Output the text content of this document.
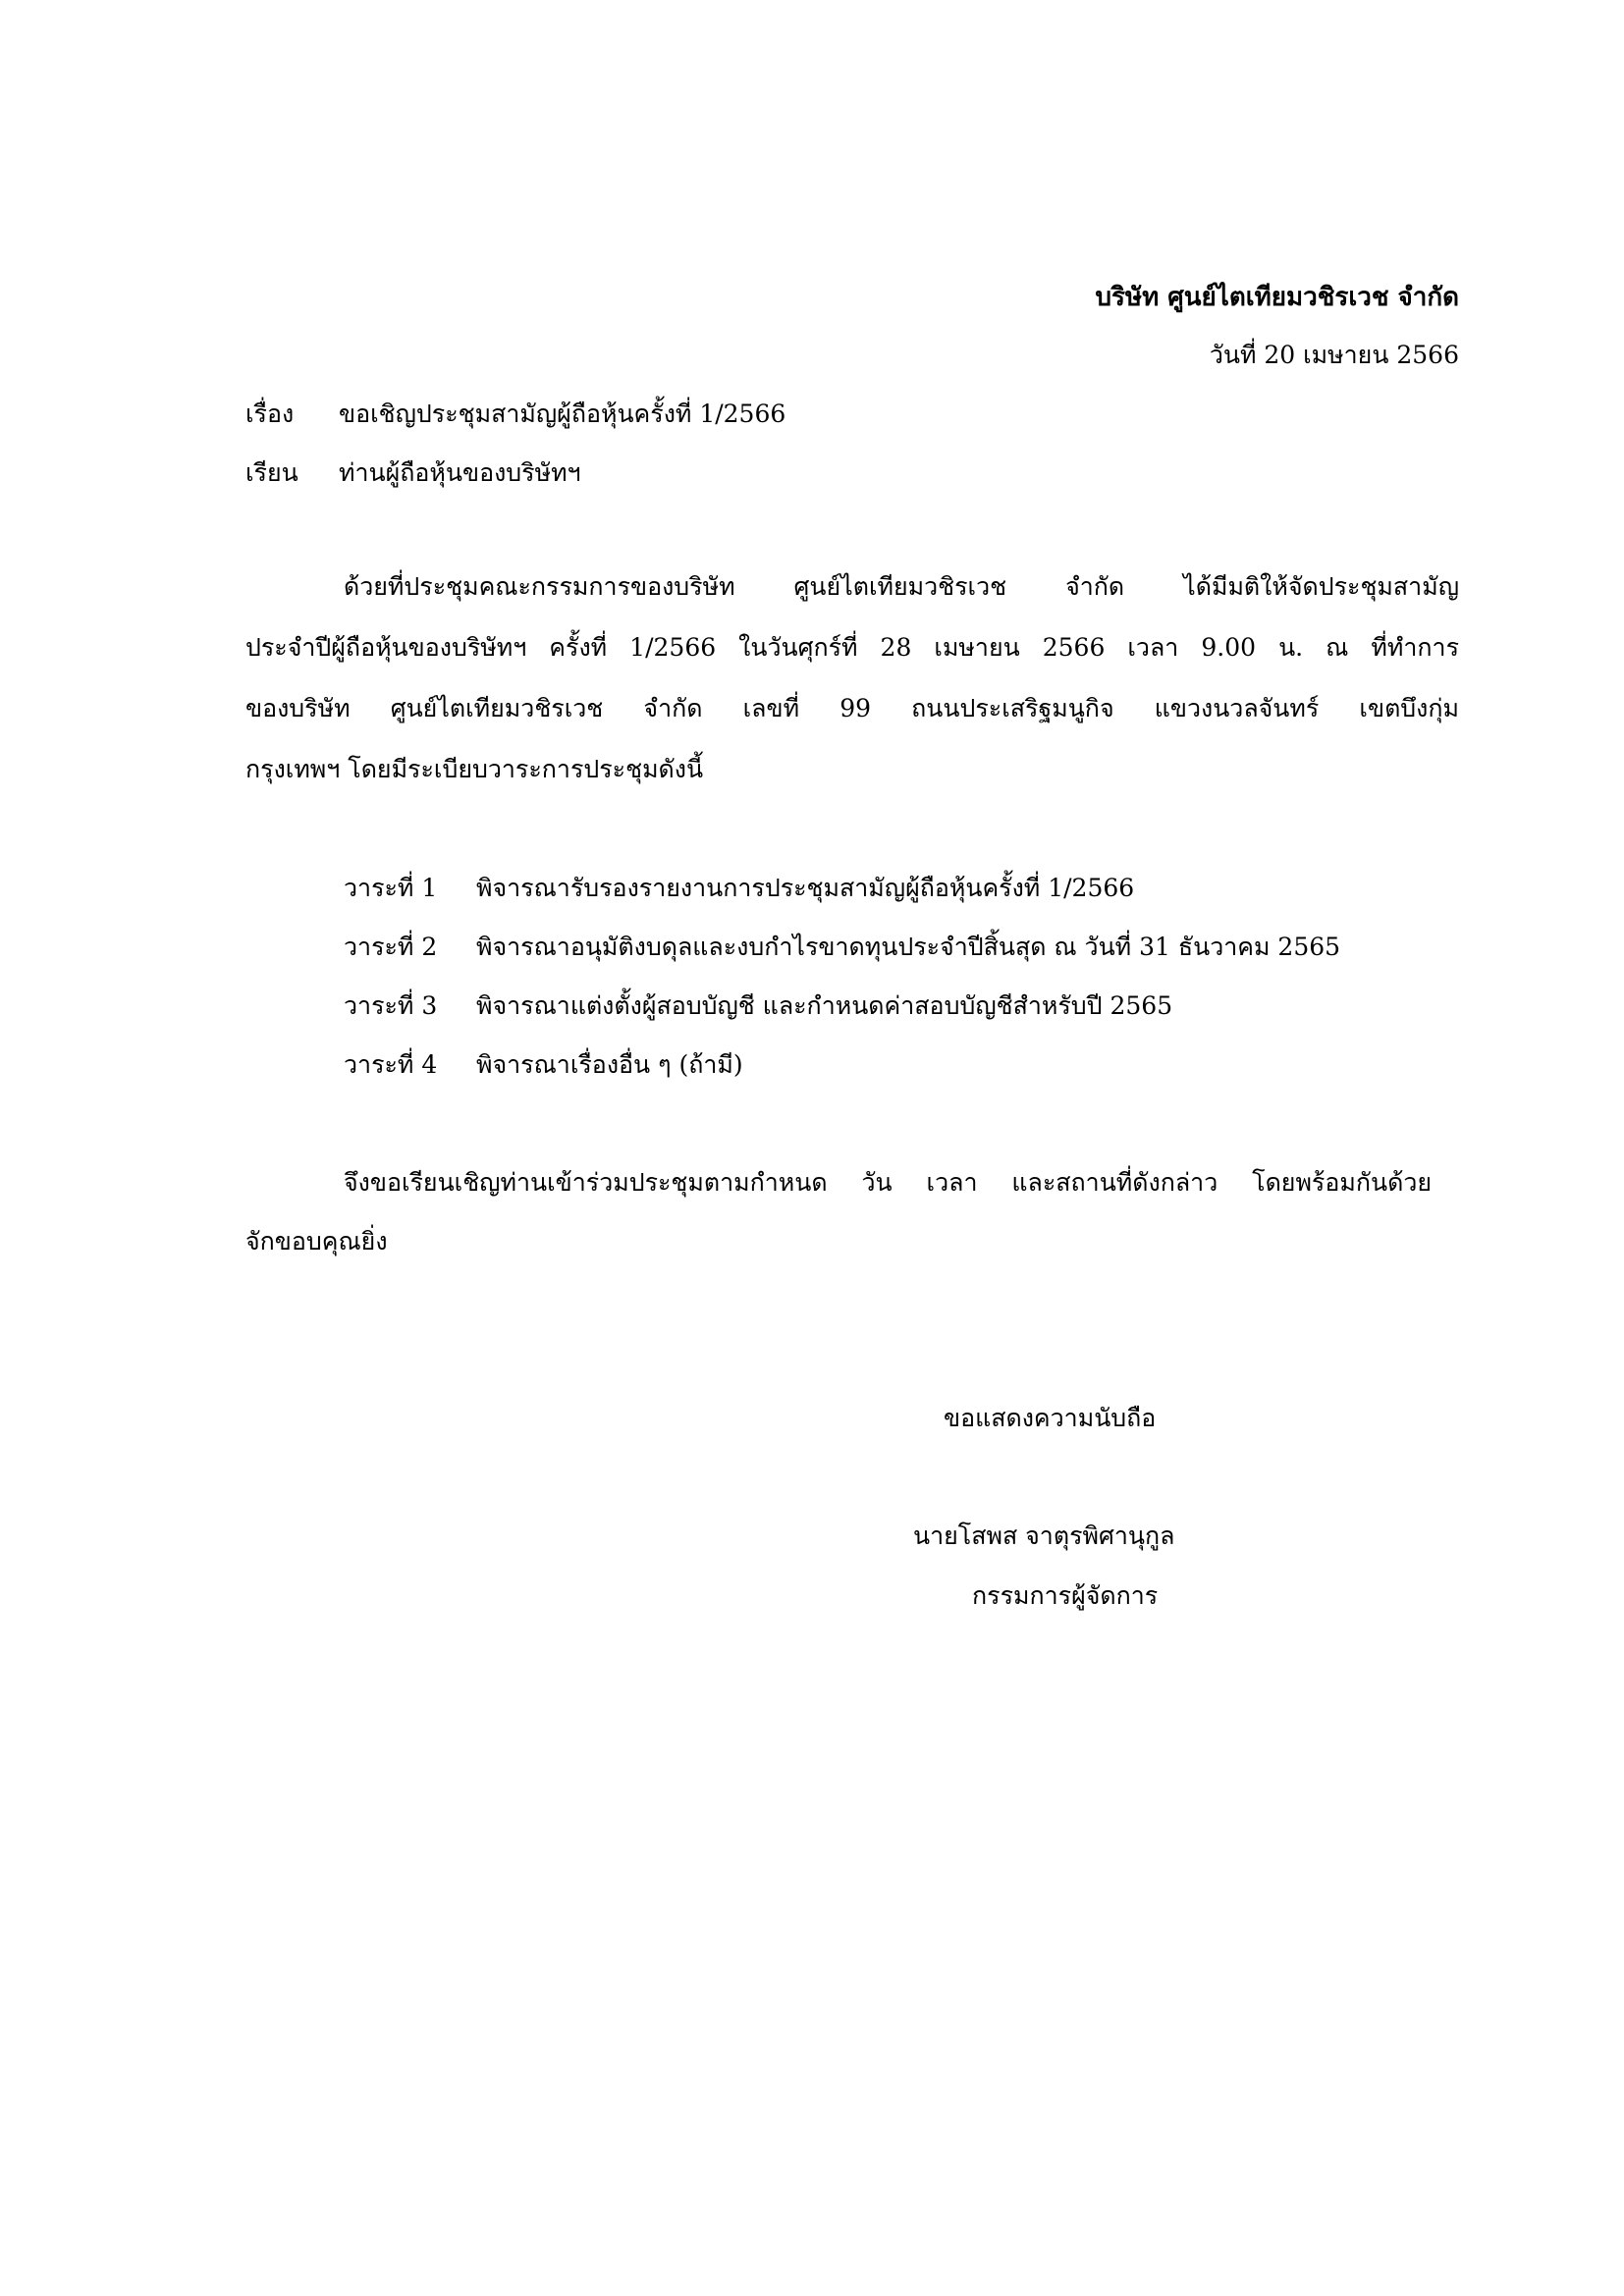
บริษัท ศูนย์ไตเทียมวชิรเวช จำกัด
วันที่ 20 เมษายน 2566
เรื่อง ขอเชิญประชุมสามัญผู้ถือหุ้นครั้งที่ 1/2566
เรียน ท่านผู้ถือหุ้นของบริษัทฯ
ด้วยที่ประชุมคณะกรรมการของบริษัท ศูนย์ไตเทียมวชิรเวช จำกัด ได้มีมติให้จัดประชุมสามัญ
ประจำปีผู้ถือหุ้นของบริษัทฯ ครั้งที่ 1/2566 ในวันศุกร์ที่ 28 เมษายน 2566 เวลา 9.00 น. ณ ที่ทำการ
ของบริษัท ศูนย์ไตเทียมวชิรเวช จำกัด เลขที่ 99 ถนนประเสริฐมนูกิจ แขวงนวลจันทร์ เขตบึงกุ่ม
กรุงเทพฯ โดยมีระเบียบวาระการประชุมดังนี้
วาระที่ 1 พิจารณารับรองรายงานการประชุมสามัญผู้ถือหุ้นครั้งที่ 1/2566
วาระที่ 2 พิจารณาอนุมัติงบดุลและงบกำไรขาดทุนประจำปีสิ้นสุด ณ วันที่ 31 ธันวาคม 2565
วาระที่ 3 พิจารณาแต่งตั้งผู้สอบบัญชี และกำหนดค่าสอบบัญชีสำหรับปี 2565
วาระที่ 4 พิจารณาเรื่องอื่น ๆ (ถ้ามี)
จึงขอเรียนเชิญท่านเข้าร่วมประชุมตามกำหนด วัน เวลา และสถานที่ดังกล่าว โดยพร้อมกันด้วย
จักขอบคุณยิ่ง
ขอแสดงความนับถือ
นายโสพส จาตุรพิศานุกูล
กรรมการผู้จัดการ
